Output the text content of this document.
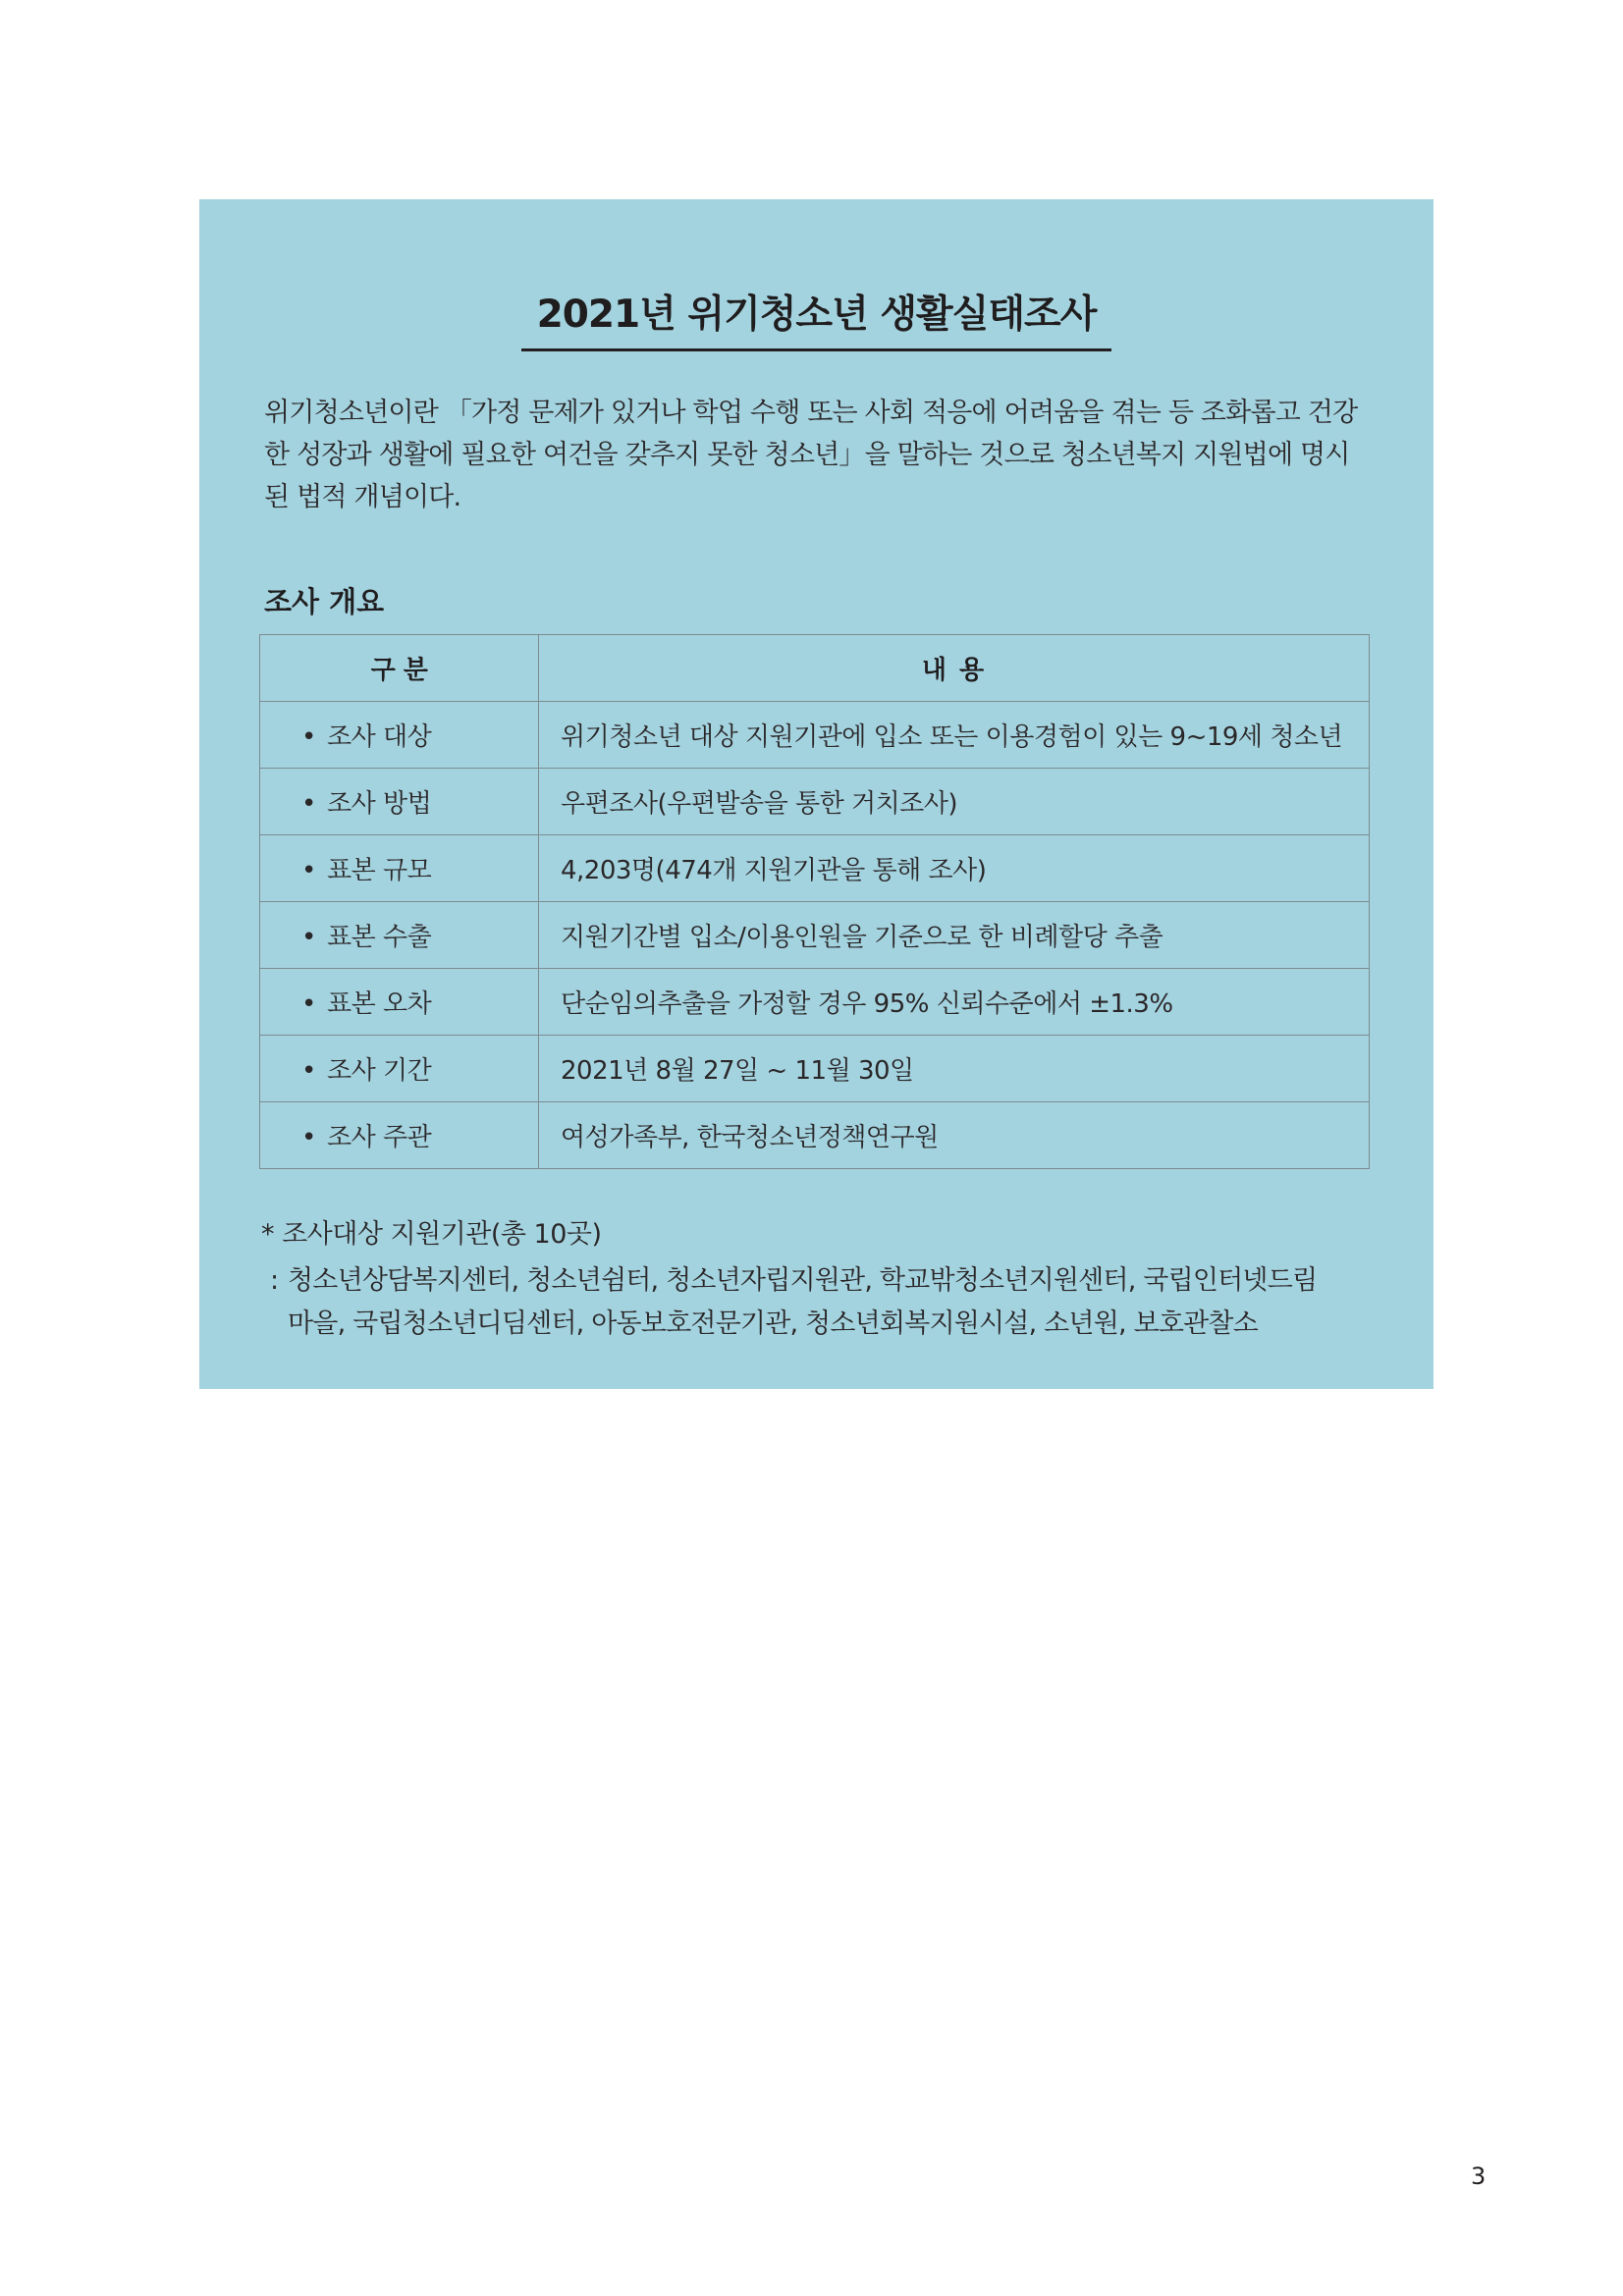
2021년 위기청소년 생활실태조사
위기청소년이란 「가정 문제가 있거나 학업 수행 또는 사회 적응에 어려움을 겪는 등 조화롭고 건강한 성장과 생활에 필요한 여건을 갖추지 못한 청소년」을 말하는 것으로 청소년복지 지원법에 명시된 법적 개념이다.
조사 개요
구 분	내 용
• 조사 대상	위기청소년 대상 지원기관에 입소 또는 이용경험이 있는 9~19세 청소년
• 조사 방법	우편조사(우편발송을 통한 거치조사)
• 표본 규모	4,203명(474개 지원기관을 통해 조사)
• 표본 수출	지원기간별 입소/이용인원을 기준으로 한 비례할당 추출
• 표본 오차	단순임의추출을 가정할 경우 95% 신뢰수준에서 ±1.3%
• 조사 기간	2021년 8월 27일 ~ 11월 30일
• 조사 주관	여성가족부, 한국청소년정책연구원
* 조사대상 지원기관(총 10곳)
: 청소년상담복지센터, 청소년쉼터, 청소년자립지원관, 학교밖청소년지원센터, 국립인터넷드림
마을, 국립청소년디딤센터, 아동보호전문기관, 청소년회복지원시설, 소년원, 보호관찰소
3
